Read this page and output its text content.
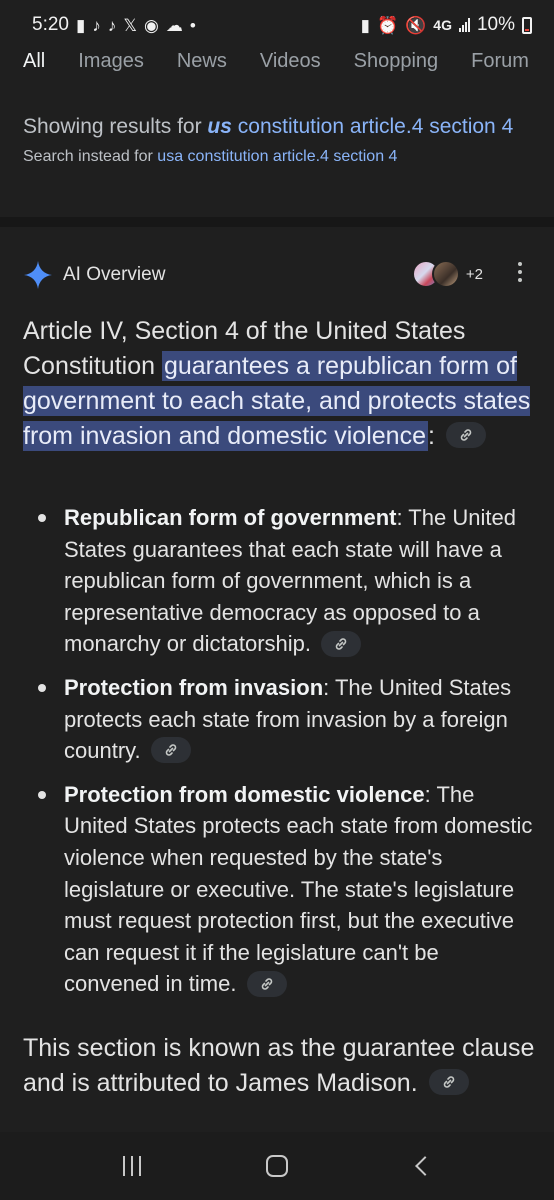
5:20 ▮ ♪ ♪ 𝕏 ◉ ☁ •	▮ ⏰ 🔇 4G 10%
All Images News Videos Shopping Forum
Showing results for us constitution article.4 section 4
Search instead for usa constitution article.4 section 4
AI Overview	+2
Article IV, Section 4 of the United States Constitution guarantees a republican form of government to each state, and protects states from invasion and domestic violence:
Republican form of government: The United States guarantees that each state will have a republican form of government, which is a representative democracy as opposed to a monarchy or dictatorship.
Protection from invasion: The United States protects each state from invasion by a foreign country.
Protection from domestic violence: The United States protects each state from domestic violence when requested by the state's legislature or executive. The state's legislature must request protection first, but the executive can request it if the legislature can't be convened in time.
This section is known as the guarantee clause and is attributed to James Madison.
